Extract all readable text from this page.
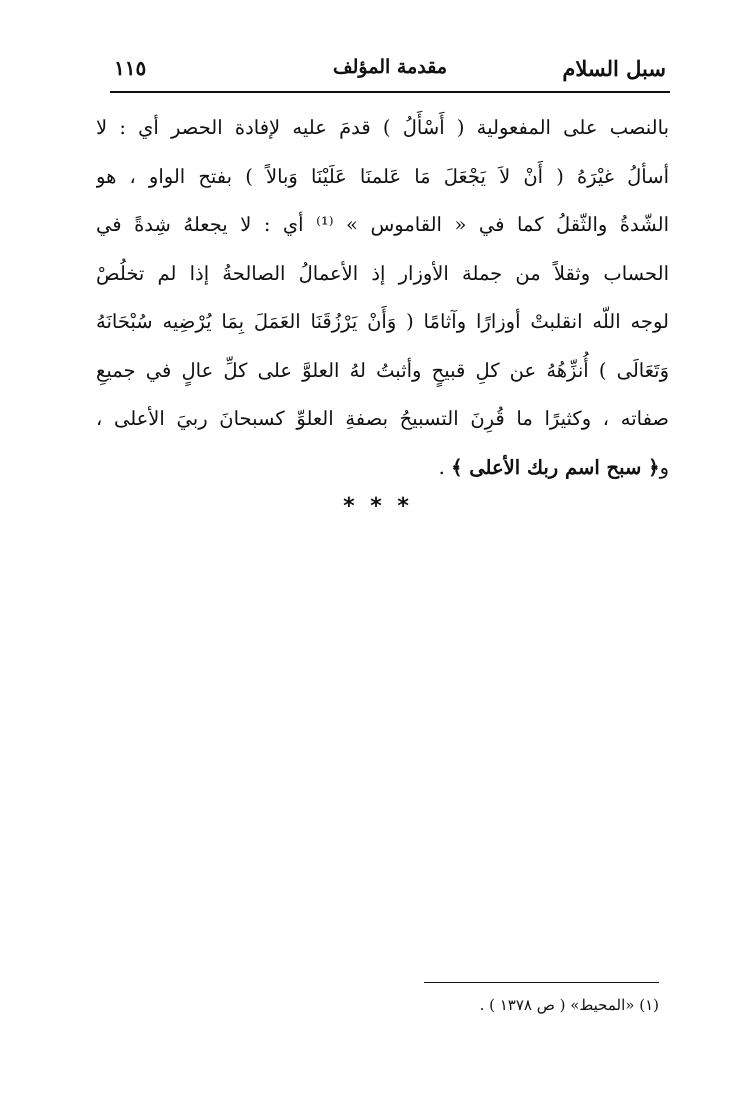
سبل السلام
مقدمة المؤلف
١١٥
بالنصب على المفعولية ( أَسْأَلُ ) قدمَ عليه لإفادة الحصر أي : لا
أسألُ غيْرَهُ ( أَنْ لاَ يَجْعَلَ مَا عَلمنَا عَلَيْنَا وَبالاً ) بفتح الواو ، هو
الشّدةُ والثّقلُ كما في « القاموس » ⁽¹⁾ أي : لا يجعلهُ شِدةً في
الحساب وثقلاً من جملة الأوزار إذ الأعمالُ الصالحةُ إذا لم تخلُصْ
لوجه اللّه انقلبتْ أوزارًا وآثامًا ( وَأَنْ يَرْزُقَنَا العَمَلَ بِمَا يُرْضِيه سُبْحَانَهُ
وَتَعَالَى ) أُنزِّهُهُ عن كلِ قبيحٍ وأثبتُ لهُ العلوَّ على كلِّ عالٍ في جميعِ
صفاته ، وكثيرًا ما قُرِنَ التسبيحُ بصفةِ العلوِّ كسبحانَ ربيَ الأعلى ،
و﴿ سبح اسم ربك الأعلى ﴾ .
* * *
(١) «المحيط» ( ص ١٣٧٨ ) .
